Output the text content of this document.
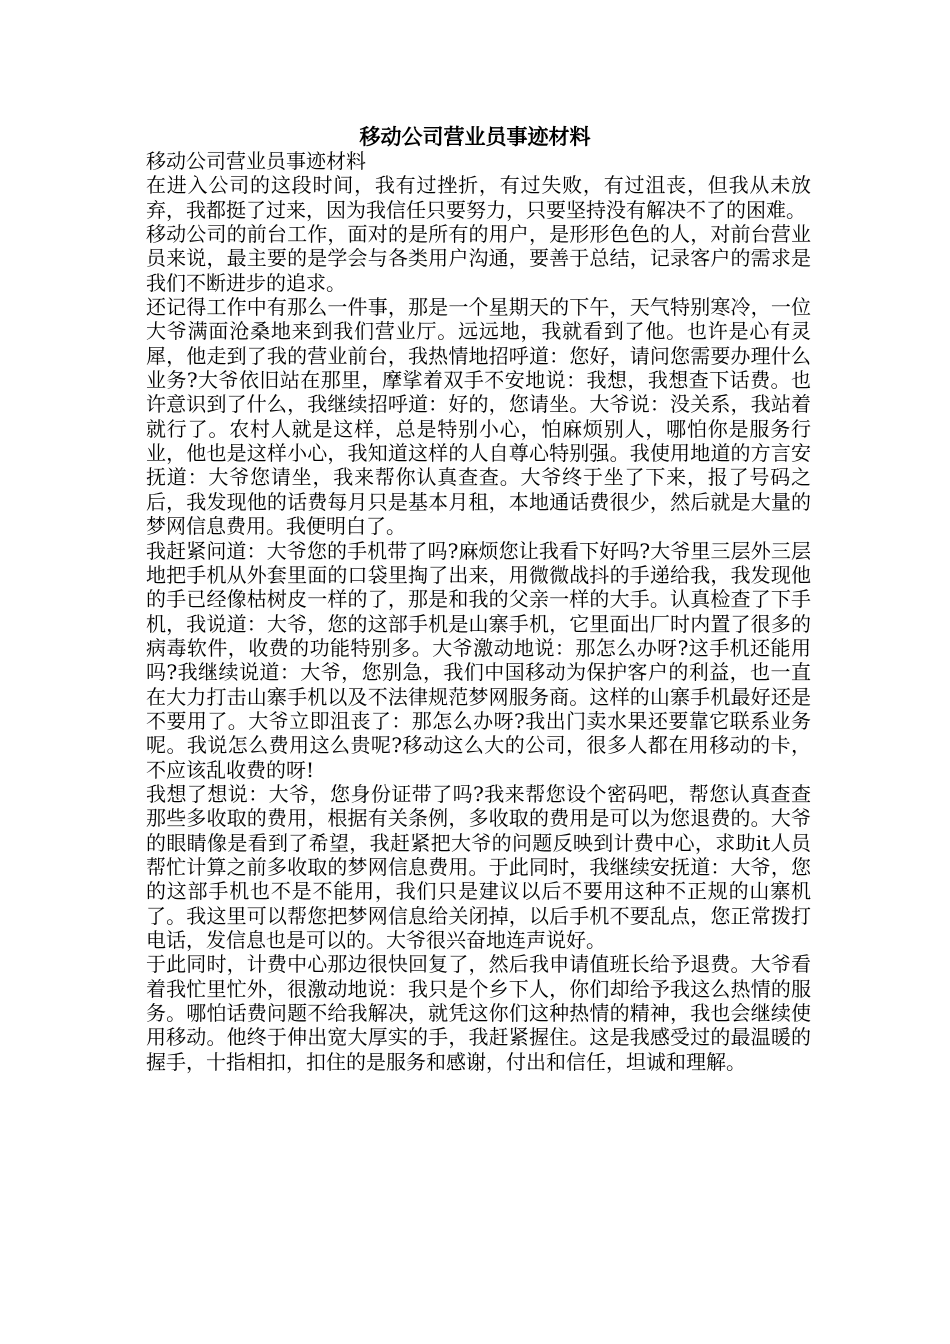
移动公司营业员事迹材料

移动公司营业员事迹材料

在进入公司的这段时间，我有过挫折，有过失败，有过沮丧，但我从未放弃，我都挺了过来，因为我信任只要努力，只要坚持没有解决不了的困难。

移动公司的前台工作，面对的是所有的用户，是形形色色的人，对前台营业员来说，最主要的是学会与各类用户沟通，要善于总结，记录客户的需求是我们不断进步的追求。

还记得工作中有那么一件事，那是一个星期天的下午，天气特别寒冷，一位大爷满面沧桑地来到我们营业厅。远远地，我就看到了他。也许是心有灵犀，他走到了我的营业前台，我热情地招呼道：您好，请问您需要办理什么业务?大爷依旧站在那里，摩挲着双手不安地说：我想，我想查下话费。也许意识到了什么，我继续招呼道：好的，您请坐。大爷说：没关系，我站着就行了。农村人就是这样，总是特别小心，怕麻烦别人，哪怕你是服务行业，他也是这样小心，我知道这样的人自尊心特别强。我使用地道的方言安抚道：大爷您请坐，我来帮你认真查查。大爷终于坐了下来，报了号码之后，我发现他的话费每月只是基本月租，本地通话费很少，然后就是大量的梦网信息费用。我便明白了。

我赶紧问道：大爷您的手机带了吗?麻烦您让我看下好吗?大爷里三层外三层地把手机从外套里面的口袋里掏了出来，用微微战抖的手递给我，我发现他的手已经像枯树皮一样的了，那是和我的父亲一样的大手。认真检查了下手机，我说道：大爷，您的这部手机是山寨手机，它里面出厂时内置了很多的病毒软件，收费的功能特别多。大爷激动地说：那怎么办呀?这手机还能用吗?我继续说道：大爷，您别急，我们中国移动为保护客户的利益，也一直在大力打击山寨手机以及不法律规范梦网服务商。这样的山寨手机最好还是不要用了。大爷立即沮丧了：那怎么办呀?我出门卖水果还要靠它联系业务呢。我说怎么费用这么贵呢?移动这么大的公司，很多人都在用移动的卡，不应该乱收费的呀!

我想了想说：大爷，您身份证带了吗?我来帮您设个密码吧，帮您认真查查那些多收取的费用，根据有关条例，多收取的费用是可以为您退费的。大爷的眼睛像是看到了希望，我赶紧把大爷的问题反映到计费中心，求助it人员帮忙计算之前多收取的梦网信息费用。于此同时，我继续安抚道：大爷，您的这部手机也不是不能用，我们只是建议以后不要用这种不正规的山寨机了。我这里可以帮您把梦网信息给关闭掉，以后手机不要乱点，您正常拨打电话，发信息也是可以的。大爷很兴奋地连声说好。

于此同时，计费中心那边很快回复了，然后我申请值班长给予退费。大爷看着我忙里忙外，很激动地说：我只是个乡下人，你们却给予我这么热情的服务。哪怕话费问题不给我解决，就凭这你们这种热情的精神，我也会继续使用移动。他终于伸出宽大厚实的手，我赶紧握住。这是我感受过的最温暖的握手，十指相扣，扣住的是服务和感谢，付出和信任，坦诚和理解。
